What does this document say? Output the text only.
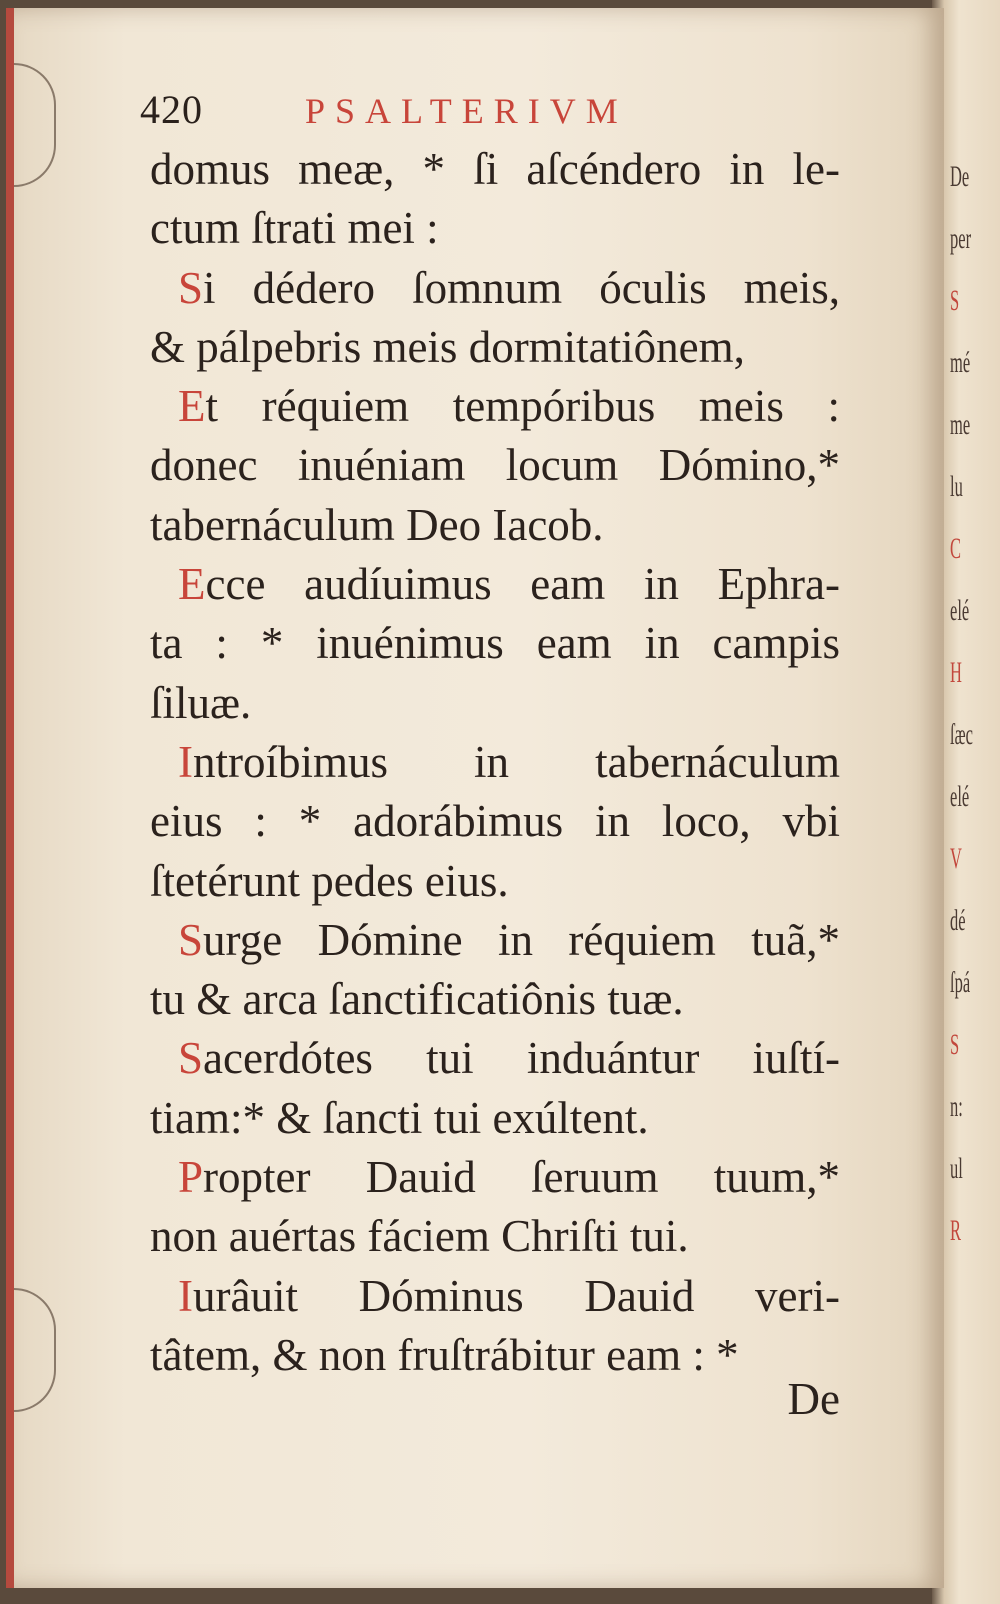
De
per
S
mé
me
lu
C
elé
H
ſæc
elé
V
dé
ſpá
S
n:
ul
R
420	PSALTERIVM
domus meæ, * ſi aſcéndero in le-
ctum ſtrati mei :
Si dédero ſomnum óculis meis,
& pálpebris meis dormitatiônem,
Et réquiem tempóribus meis :
donec inuéniam locum Dómino,*
tabernáculum Deo Iacob.
Ecce audíuimus eam in Ephra-
ta : * inuénimus eam in campis
ſiluæ.
Introíbimus in tabernáculum
eius : * adorábimus in loco, vbi
ſtetérunt pedes eius.
Surge Dómine in réquiem tuã,*
tu & arca ſanctificatiônis tuæ.
Sacerdótes tui induántur iuſtí-
tiam:* & ſancti tui exúltent.
Propter Dauid ſeruum tuum,*
non auértas fáciem Chriſti tui.
Iurâuit Dóminus Dauid veri-
tâtem, & non fruſtrábitur eam : *
De
